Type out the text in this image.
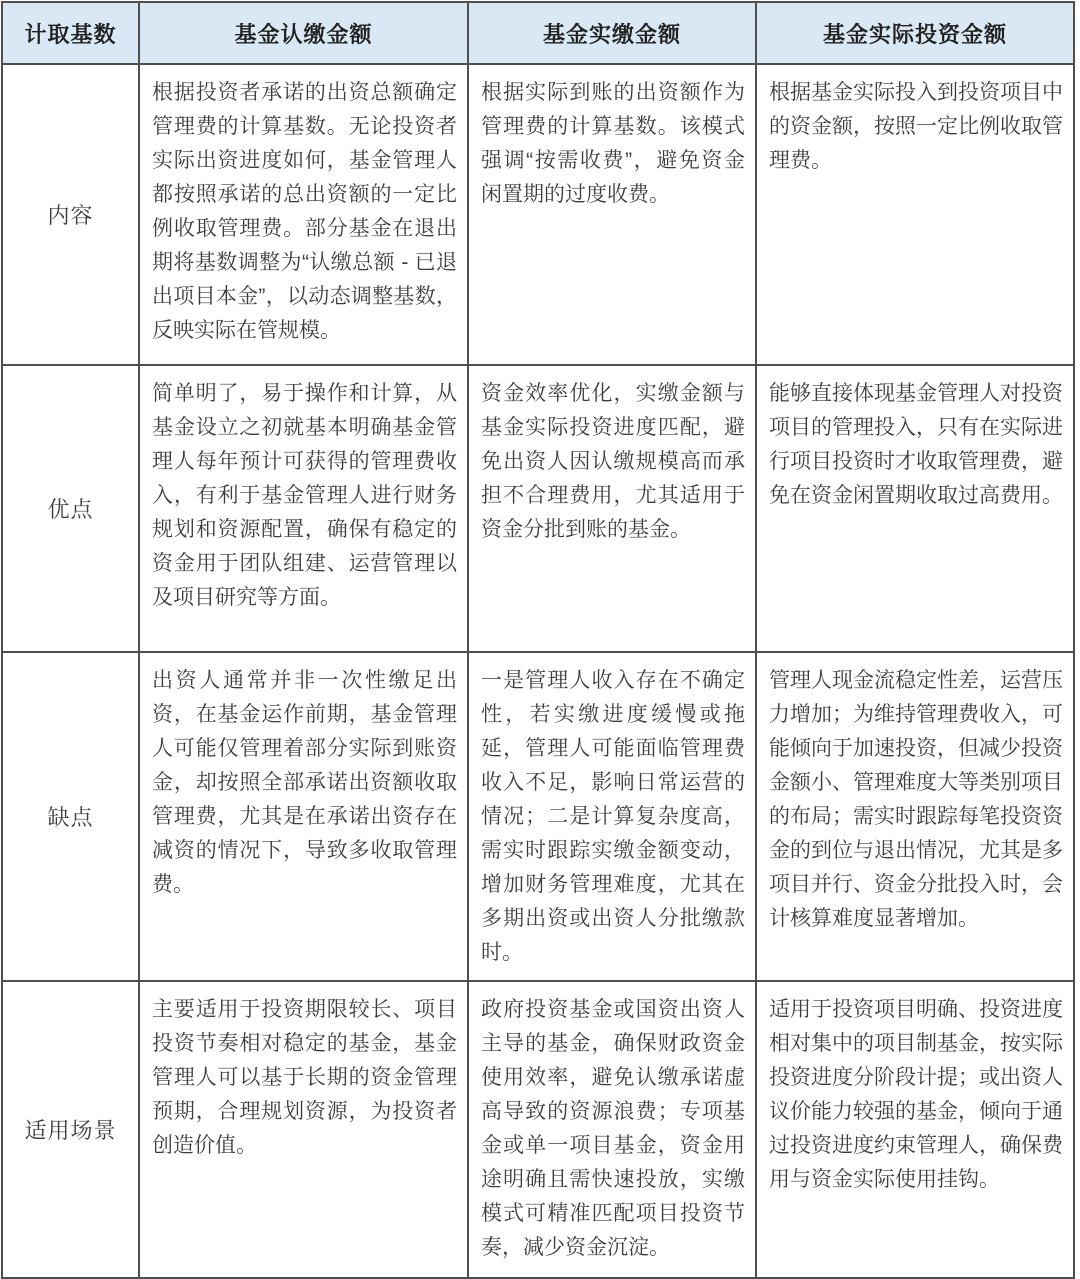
计取基数	基金认缴金额	基金实缴金额	基金实际投资金额
内容	根据投资者承诺的出资总额确定管理费的计算基数。无论投资者实际出资进度如何，基金管理人都按照承诺的总出资额的一定比例收取管理费。部分基金在退出期将基数调整为“认缴总额 - 已退出项目本金”，以动态调整基数，反映实际在管规模。	根据实际到账的出资额作为管理费的计算基数。该模式强调“按需收费”，避免资金闲置期的过度收费。	根据基金实际投入到投资项目中的资金额，按照一定比例收取管理费。
优点	简单明了，易于操作和计算，从基金设立之初就基本明确基金管理人每年预计可获得的管理费收入，有利于基金管理人进行财务规划和资源配置，确保有稳定的资金用于团队组建、运营管理以及项目研究等方面。	资金效率优化，实缴金额与基金实际投资进度匹配，避免出资人因认缴规模高而承担不合理费用，尤其适用于资金分批到账的基金。	能够直接体现基金管理人对投资项目的管理投入，只有在实际进行项目投资时才收取管理费，避免在资金闲置期收取过高费用。
缺点	出资人通常并非一次性缴足出资，在基金运作前期，基金管理人可能仅管理着部分实际到账资金，却按照全部承诺出资额收取管理费，尤其是在承诺出资存在减资的情况下，导致多收取管理费。	一是管理人收入存在不确定性，若实缴进度缓慢或拖延，管理人可能面临管理费收入不足，影响日常运营的情况；二是计算复杂度高，需实时跟踪实缴金额变动，增加财务管理难度，尤其在多期出资或出资人分批缴款时。	管理人现金流稳定性差，运营压力增加；为维持管理费收入，可能倾向于加速投资，但减少投资金额小、管理难度大等类别项目的布局；需实时跟踪每笔投资资金的到位与退出情况，尤其是多项目并行、资金分批投入时，会计核算难度显著增加。
适用场景	主要适用于投资期限较长、项目投资节奏相对稳定的基金，基金管理人可以基于长期的资金管理预期，合理规划资源，为投资者创造价值。	政府投资基金或国资出资人主导的基金，确保财政资金使用效率，避免认缴承诺虚高导致的资源浪费；专项基金或单一项目基金，资金用途明确且需快速投放，实缴模式可精准匹配项目投资节奏，减少资金沉淀。	适用于投资项目明确、投资进度相对集中的项目制基金，按实际投资进度分阶段计提；或出资人议价能力较强的基金，倾向于通过投资进度约束管理人，确保费用与资金实际使用挂钩。
